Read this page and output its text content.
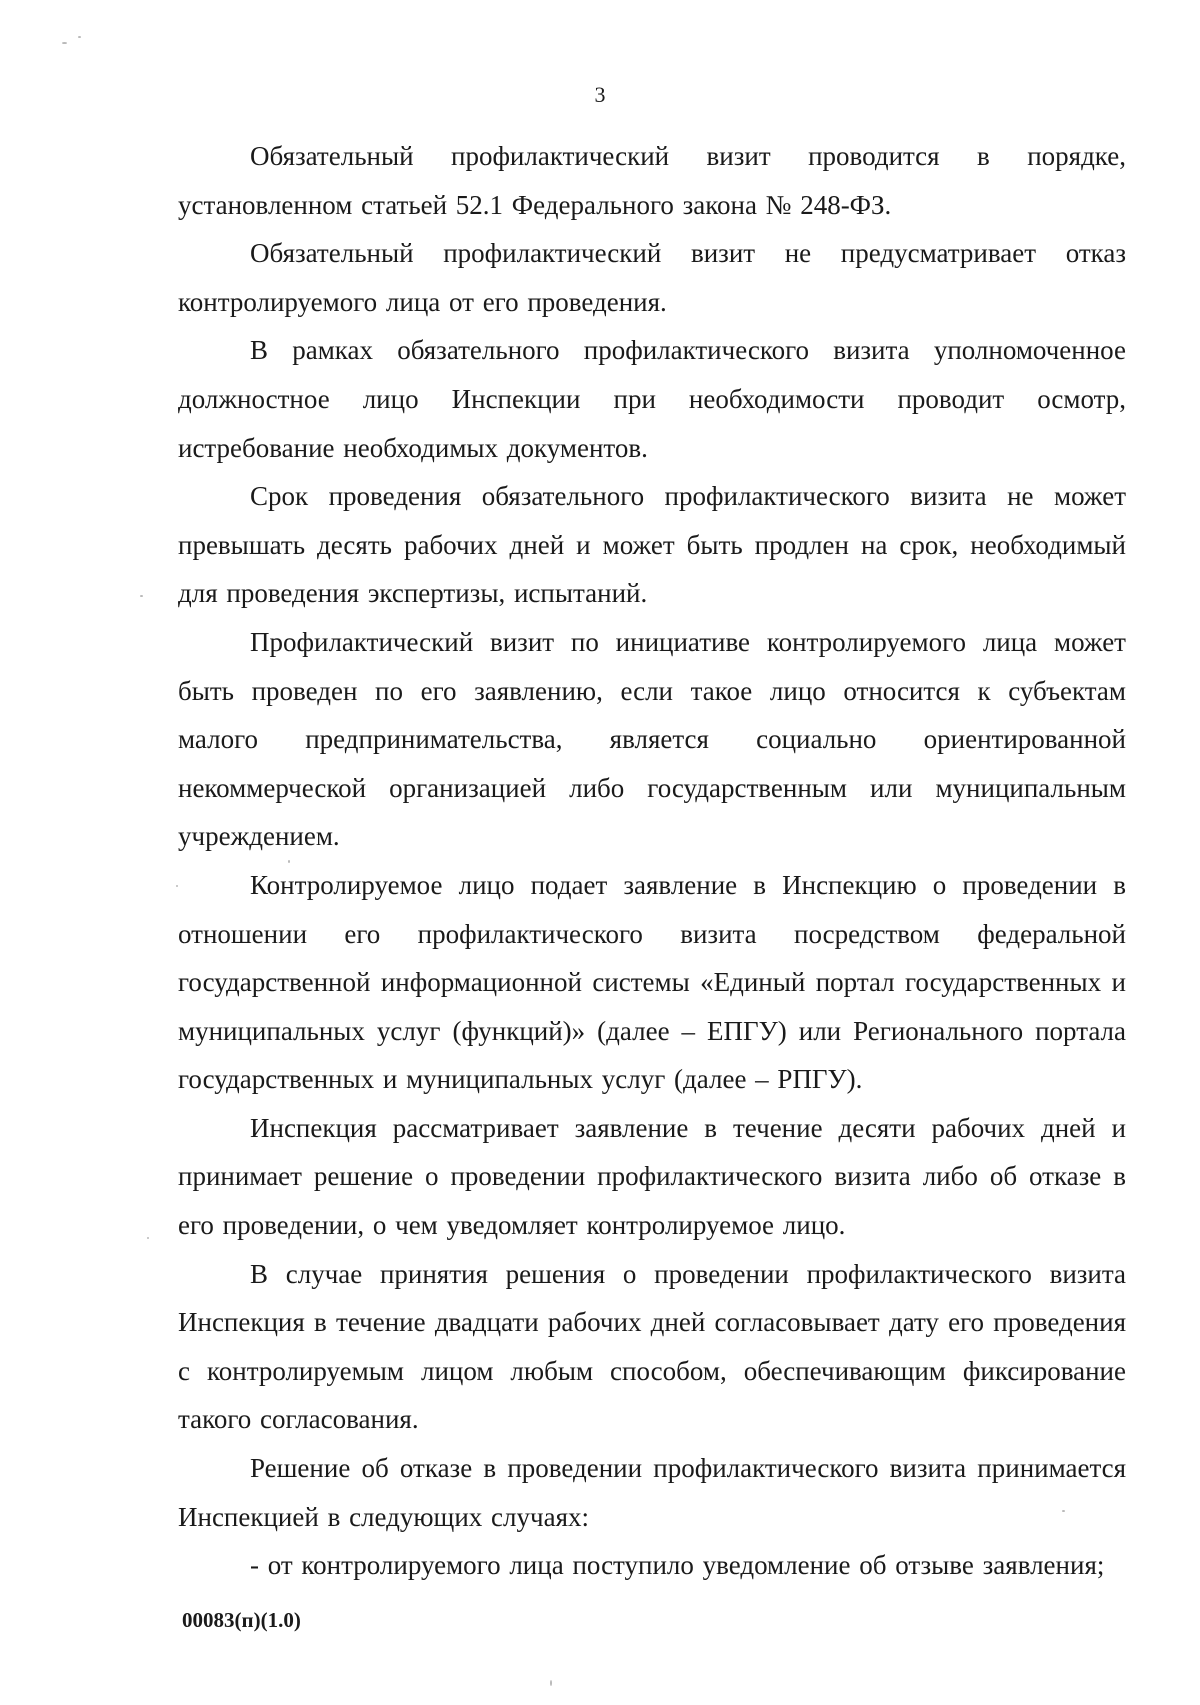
3

Обязательный профилактический визит проводится в порядке, установленном статьей 52.1 Федерального закона № 248-ФЗ.

Обязательный профилактический визит не предусматривает отказ контролируемого лица от его проведения.

В рамках обязательного профилактического визита уполномоченное должностное лицо Инспекции при необходимости проводит осмотр, истребование необходимых документов.

Срок проведения обязательного профилактического визита не может превышать десять рабочих дней и может быть продлен на срок, необходимый для проведения экспертизы, испытаний.

Профилактический визит по инициативе контролируемого лица может быть проведен по его заявлению, если такое лицо относится к субъектам малого предпринимательства, является социально ориентированной некоммерческой организацией либо государственным или муниципальным учреждением.

Контролируемое лицо подает заявление в Инспекцию о проведении в отношении его профилактического визита посредством федеральной государственной информационной системы «Единый портал государственных и муниципальных услуг (функций)» (далее – ЕПГУ) или Регионального портала государственных и муниципальных услуг (далее – РПГУ).

Инспекция рассматривает заявление в течение десяти рабочих дней и принимает решение о проведении профилактического визита либо об отказе в его проведении, о чем уведомляет контролируемое лицо.

В случае принятия решения о проведении профилактического визита Инспекция в течение двадцати рабочих дней согласовывает дату его проведения с контролируемым лицом любым способом, обеспечивающим фиксирование такого согласования.

Решение об отказе в проведении профилактического визита принимается Инспекцией в следующих случаях:

- от контролируемого лица поступило уведомление об отзыве заявления;

00083(п)(1.0)
